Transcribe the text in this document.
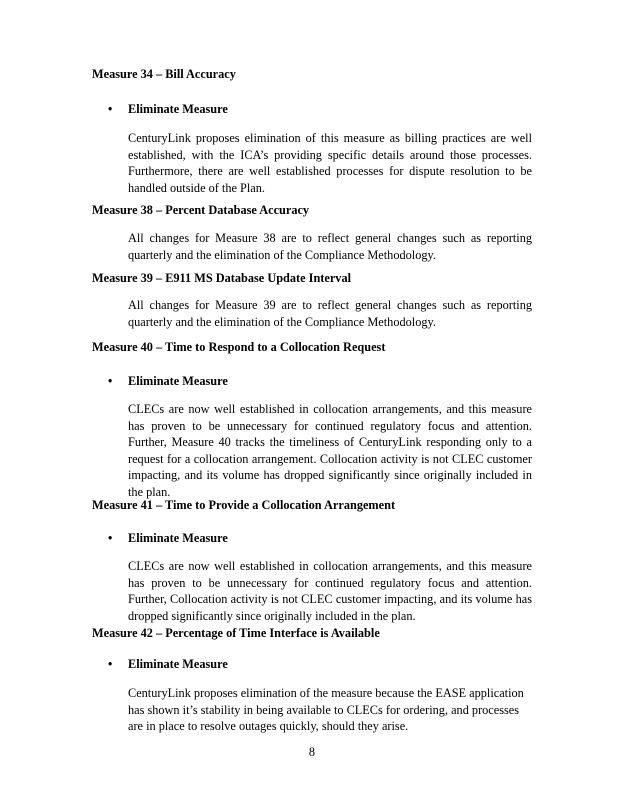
Measure 34 – Bill Accuracy
• Eliminate Measure
CenturyLink proposes elimination of this measure as billing practices are well established, with the ICA’s providing specific details around those processes. Furthermore, there are well established processes for dispute resolution to be handled outside of the Plan.
Measure 38 – Percent Database Accuracy
All changes for Measure 38 are to reflect general changes such as reporting quarterly and the elimination of the Compliance Methodology.
Measure 39 – E911 MS Database Update Interval
All changes for Measure 39 are to reflect general changes such as reporting quarterly and the elimination of the Compliance Methodology.
Measure 40 – Time to Respond to a Collocation Request
• Eliminate Measure
CLECs are now well established in collocation arrangements, and this measure has proven to be unnecessary for continued regulatory focus and attention. Further, Measure 40 tracks the timeliness of CenturyLink responding only to a request for a collocation arrangement. Collocation activity is not CLEC customer impacting, and its volume has dropped significantly since originally included in the plan.
Measure 41 – Time to Provide a Collocation Arrangement
• Eliminate Measure
CLECs are now well established in collocation arrangements, and this measure has proven to be unnecessary for continued regulatory focus and attention. Further, Collocation activity is not CLEC customer impacting, and its volume has dropped significantly since originally included in the plan.
Measure 42 – Percentage of Time Interface is Available
• Eliminate Measure
CenturyLink proposes elimination of the measure because the EASE application has shown it’s stability in being available to CLECs for ordering, and processes are in place to resolve outages quickly, should they arise.
8
